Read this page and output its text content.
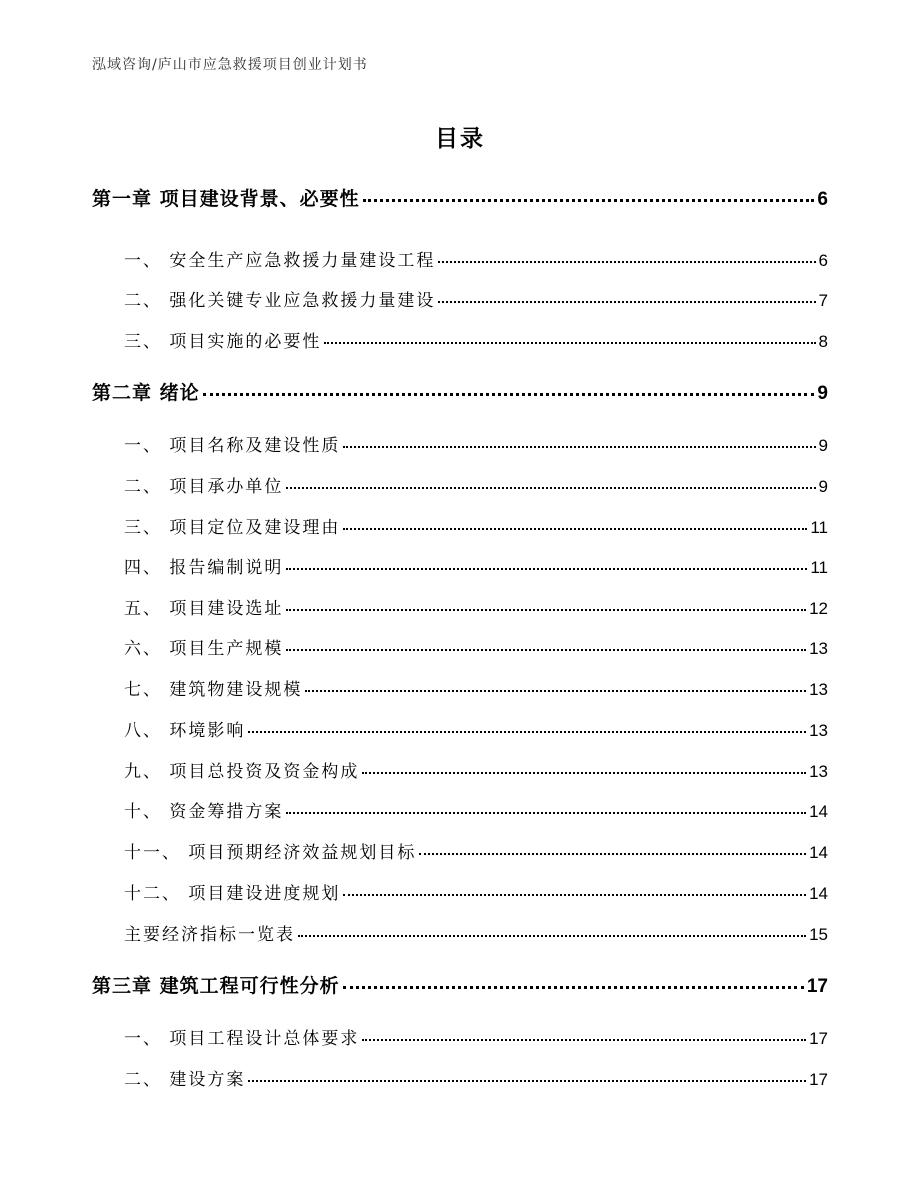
泓域咨询/庐山市应急救援项目创业计划书
目录
第一章 项目建设背景、必要性	6
一、 安全生产应急救援力量建设工程	6
二、 强化关键专业应急救援力量建设	7
三、 项目实施的必要性	8
第二章 绪论	9
一、 项目名称及建设性质	9
二、 项目承办单位	9
三、 项目定位及建设理由	11
四、 报告编制说明	11
五、 项目建设选址	12
六、 项目生产规模	13
七、 建筑物建设规模	13
八、 环境影响	13
九、 项目总投资及资金构成	13
十、 资金筹措方案	14
十一、 项目预期经济效益规划目标	14
十二、 项目建设进度规划	14
主要经济指标一览表	15
第三章 建筑工程可行性分析	17
一、 项目工程设计总体要求	17
二、 建设方案	17
